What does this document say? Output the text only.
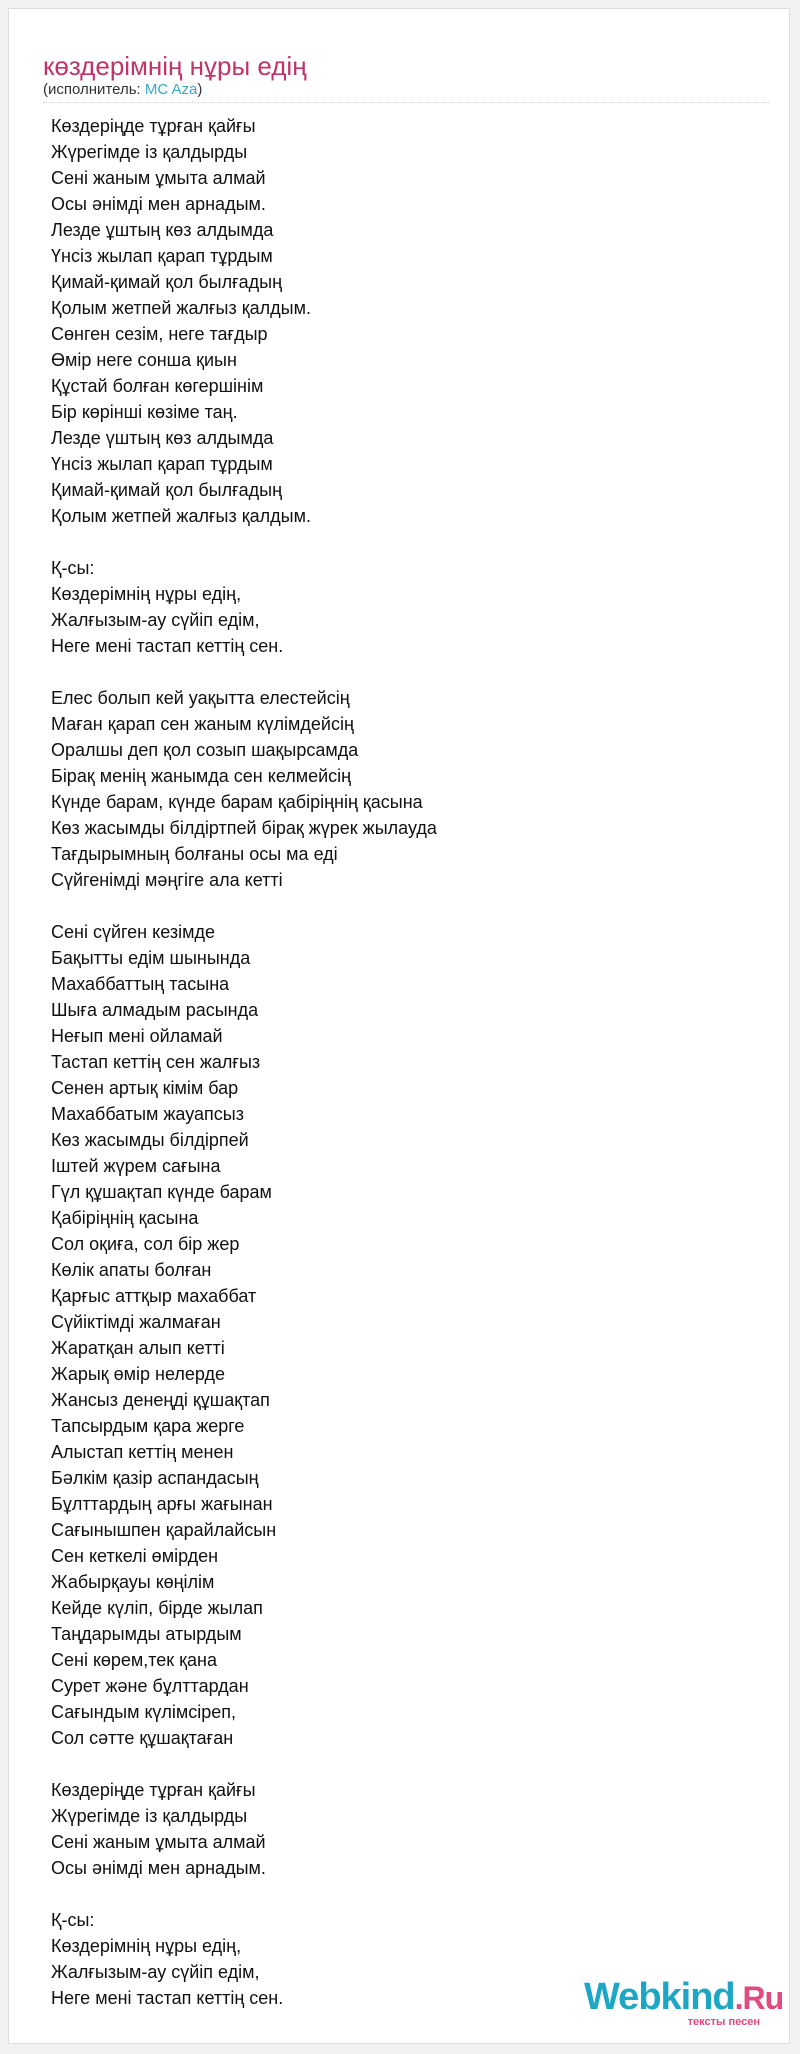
көздерімнің нұры едің
(исполнитель: MC Aza)
Көздеріңде тұрған қайғы
Жүрегімде із қалдырды
Сені жаным ұмыта алмай
Осы әнімді мен арнадым.
Лезде ұштың көз алдымда
Үнсіз жылап қарап тұрдым
Қимай-қимай қол былғадың
Қолым жетпей жалғыз қалдым.
Сөнген сезім, неге тағдыр
Өмір неге сонша қиын
Құстай болған көгершінім
Бір көрінші көзіме таң.
Лезде үштың көз алдымда
Үнсіз жылап қарап тұрдым
Қимай-қимай қол былғадың
Қолым жетпей жалғыз қалдым.
Қ-сы:
Көздерімнің нұры едің,
Жалғызым-ау сүйіп едім,
Неге мені тастап кеттің сен.
Елес болып кей уақытта елестейсің
Маған қарап сен жаным күлімдейсің
Оралшы деп қол созып шақырсамда
Бірақ менің жанымда сен келмейсің
Күнде барам, күнде барам қабіріңнің қасына
Көз жасымды білдіртпей бірақ жүрек жылауда
Тағдырымның болғаны осы ма еді
Сүйгенімді мәңгіге ала кетті
Сені сүйген кезімде
Бақытты едім шынында
Махаббаттың тасына
Шыға алмадым расында
Неғып мені ойламай
Тастап кеттің сен жалғыз
Сенен артық кімім бар
Махаббатым жауапсыз
Көз жасымды білдірпей
Іштей жүрем сағына
Гүл құшақтап күнде барам
Қабіріңнің қасына
Сол оқиға, сол бір жер
Көлік апаты болған
Қарғыс аттқыр махаббат
Сүйіктімді жалмаған
Жаратқан алып кетті
Жарық өмір нелерде
Жансыз денеңді құшақтап
Тапсырдым қара жерге
Алыстап кеттің менен
Бәлкім қазір аспандасың
Бұлттардың арғы жағынан
Сағынышпен қарайлайсын
Сен кеткелі өмірден
Жабырқауы көңілім
Кейде күліп, бірде жылап
Таңдарымды атырдым
Сені көрем,тек қана
Сурет және бұлттардан
Сағындым күлімсіреп,
Сол сәтте құшақтаған
Көздеріңде тұрған қайғы
Жүрегімде із қалдырды
Сені жаным ұмыта алмай
Осы әнімді мен арнадым.
Қ-сы:
Көздерімнің нұры едің,
Жалғызым-ау сүйіп едім,
Неге мені тастап кеттің сен.	Webkind.Ru
тексты песен
